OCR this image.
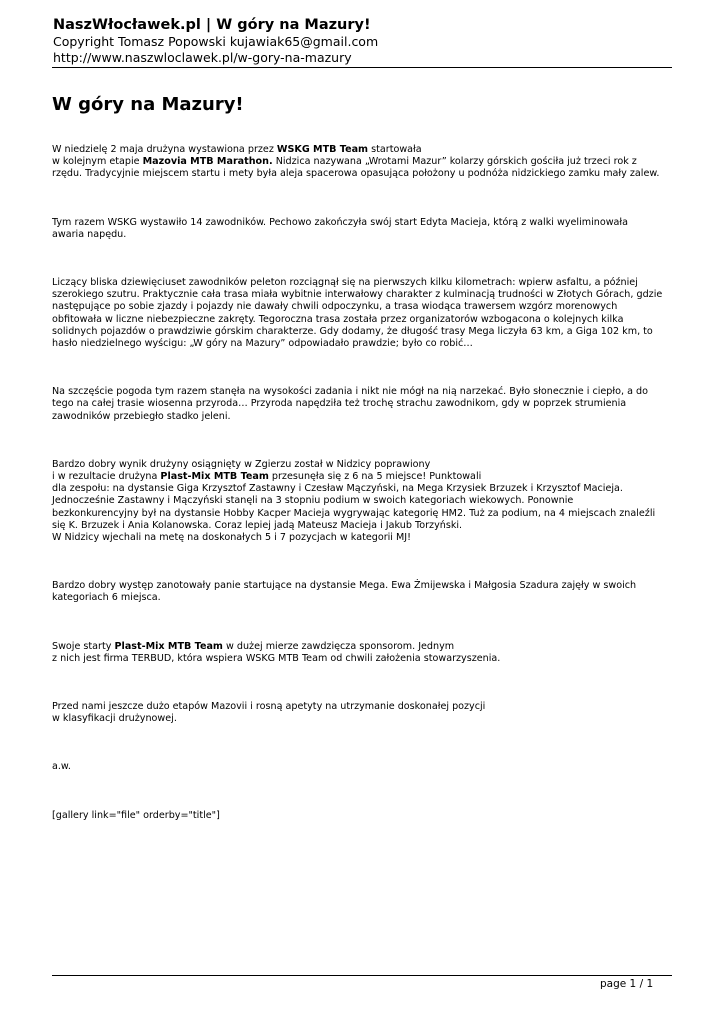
NaszWłocławek.pl | W góry na Mazury!
Copyright Tomasz Popowski kujawiak65@gmail.com
http://www.naszwloclawek.pl/w-gory-na-mazury
W góry na Mazury!
W niedzielę 2 maja drużyna wystawiona przez WSKG MTB Team startowała
w kolejnym etapie Mazovia MTB Marathon. Nidzica nazywana „Wrotami Mazur” kolarzy górskich gościła już trzeci rok z
rzędu. Tradycyjnie miejscem startu i mety była aleja spacerowa opasująca położony u podnóża nidzickiego zamku mały zalew.
Tym razem WSKG wystawiło 14 zawodników. Pechowo zakończyła swój start Edyta Macieja, którą z walki wyeliminowała
awaria napędu.
Liczący bliska dziewięciuset zawodników peleton rozciągnął się na pierwszych kilku kilometrach: wpierw asfaltu, a później
szerokiego szutru. Praktycznie cała trasa miała wybitnie interwałowy charakter z kulminacją trudności w Złotych Górach, gdzie
następujące po sobie zjazdy i pojazdy nie dawały chwili odpoczynku, a trasa wiodąca trawersem wzgórz morenowych
obfitowała w liczne niebezpieczne zakręty. Tegoroczna trasa została przez organizatorów wzbogacona o kolejnych kilka
solidnych pojazdów o prawdziwie górskim charakterze. Gdy dodamy, że długość trasy Mega liczyła 63 km, a Giga 102 km, to
hasło niedzielnego wyścigu: „W góry na Mazury” odpowiadało prawdzie; było co robić…
Na szczęście pogoda tym razem stanęła na wysokości zadania i nikt nie mógł na nią narzekać. Było słonecznie i ciepło, a do
tego na całej trasie wiosenna przyroda… Przyroda napędziła też trochę strachu zawodnikom, gdy w poprzek strumienia
zawodników przebiegło stadko jeleni.
Bardzo dobry wynik drużyny osiągnięty w Zgierzu został w Nidzicy poprawiony
i w rezultacie drużyna Plast-Mix MTB Team przesunęła się z 6 na 5 miejsce! Punktowali
dla zespołu: na dystansie Giga Krzysztof Zastawny i Czesław Mączyński, na Mega Krzysiek Brzuzek i Krzysztof Macieja.
Jednocześnie Zastawny i Mączyński stanęli na 3 stopniu podium w swoich kategoriach wiekowych. Ponownie
bezkonkurencyjny był na dystansie Hobby Kacper Macieja wygrywając kategorię HM2. Tuż za podium, na 4 miejscach znaleźli
się K. Brzuzek i Ania Kolanowska. Coraz lepiej jadą Mateusz Macieja i Jakub Torzyński.
W Nidzicy wjechali na metę na doskonałych 5 i 7 pozycjach w kategorii MJ!
Bardzo dobry występ zanotowały panie startujące na dystansie Mega. Ewa Żmijewska i Małgosia Szadura zajęły w swoich
kategoriach 6 miejsca.
Swoje starty Plast-Mix MTB Team w dużej mierze zawdzięcza sponsorom. Jednym
z nich jest firma TERBUD, która wspiera WSKG MTB Team od chwili założenia stowarzyszenia.
Przed nami jeszcze dużo etapów Mazovii i rosną apetyty na utrzymanie doskonałej pozycji
w klasyfikacji drużynowej.
a.w.
[gallery link="file" orderby="title"]
page 1 / 1
